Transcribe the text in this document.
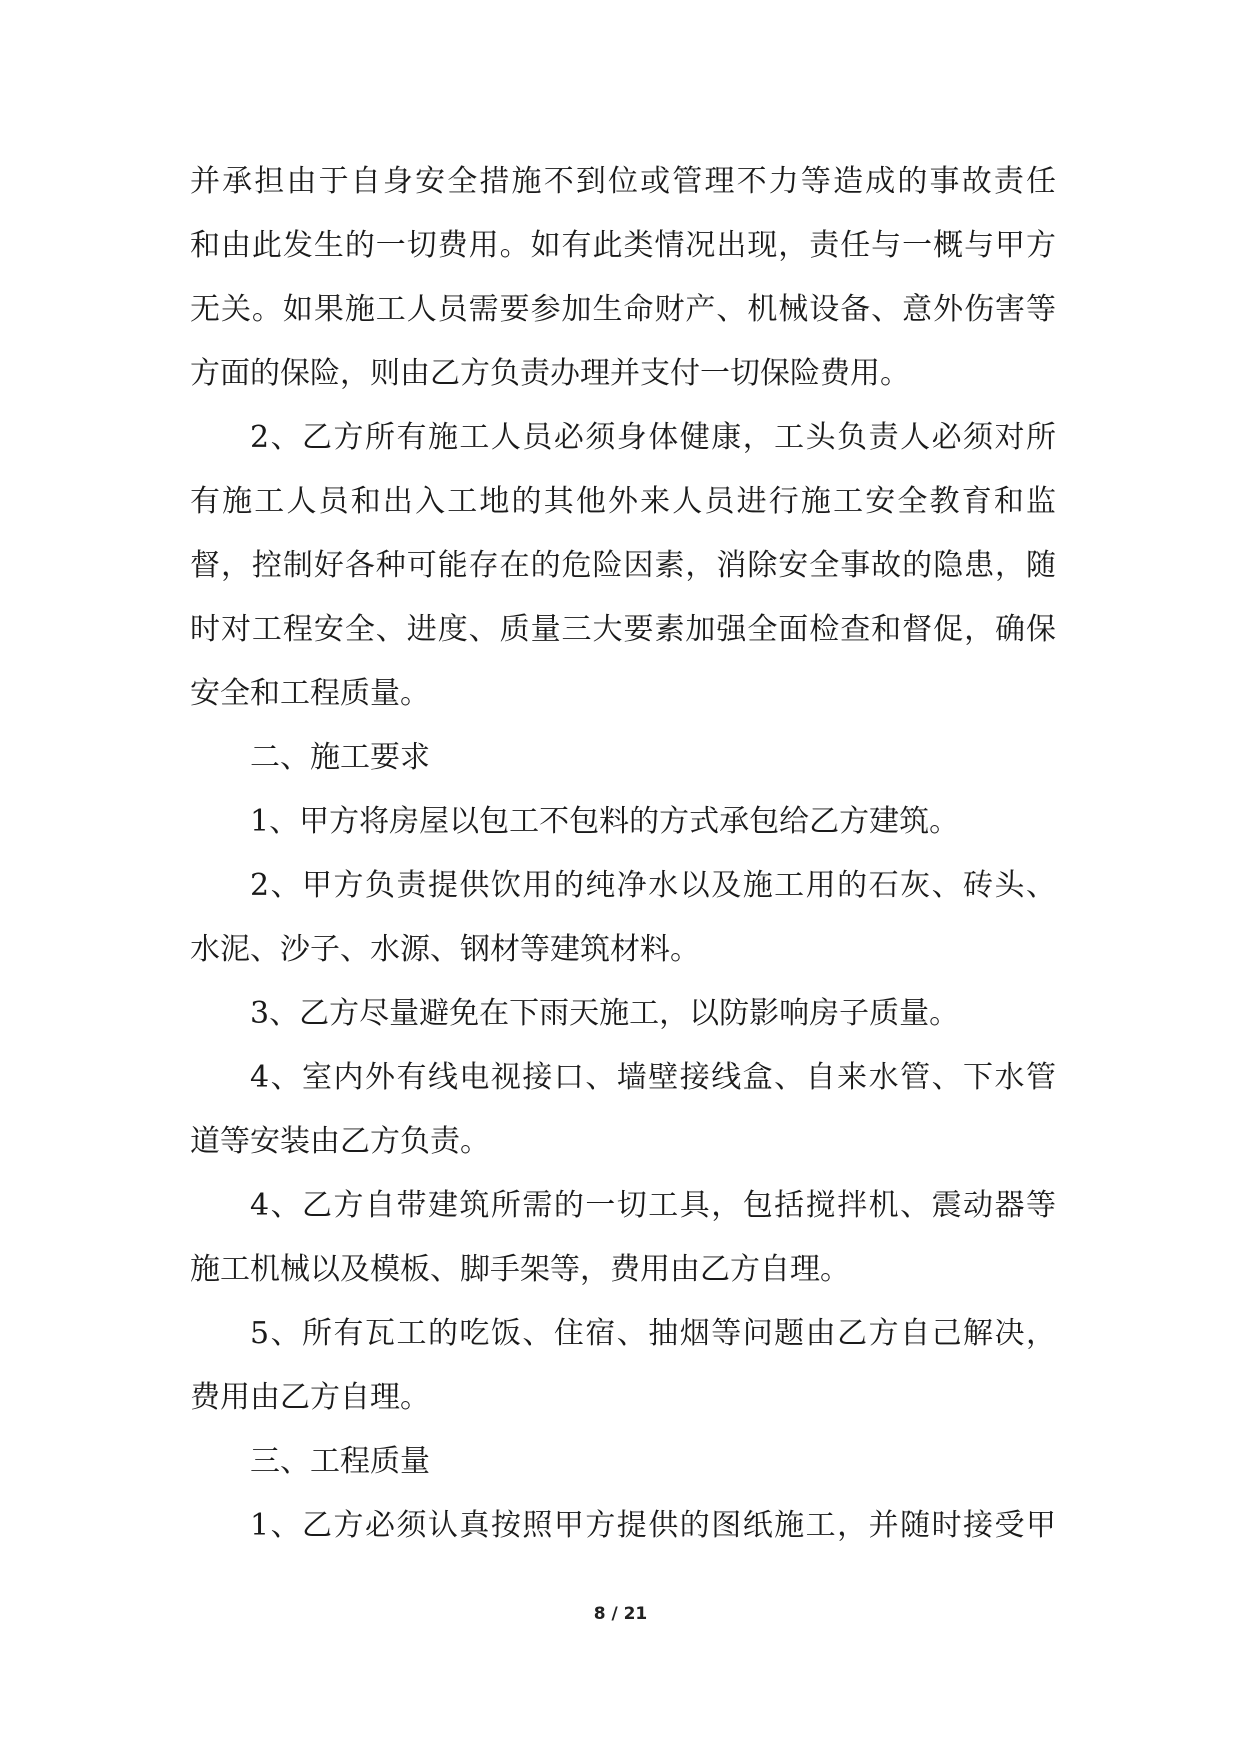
并承担由于自身安全措施不到位或管理不力等造成的事故责任
和由此发生的一切费用。如有此类情况出现，责任与一概与甲方
无关。如果施工人员需要参加生命财产、机械设备、意外伤害等
方面的保险，则由乙方负责办理并支付一切保险费用。
2、乙方所有施工人员必须身体健康，工头负责人必须对所
有施工人员和出入工地的其他外来人员进行施工安全教育和监
督，控制好各种可能存在的危险因素，消除安全事故的隐患，随
时对工程安全、进度、质量三大要素加强全面检查和督促，确保
安全和工程质量。
二、施工要求
1、甲方将房屋以包工不包料的方式承包给乙方建筑。
2、甲方负责提供饮用的纯净水以及施工用的石灰、砖头、
水泥、沙子、水源、钢材等建筑材料。
3、乙方尽量避免在下雨天施工，以防影响房子质量。
4、室内外有线电视接口、墙壁接线盒、自来水管、下水管
道等安装由乙方负责。
4、乙方自带建筑所需的一切工具，包括搅拌机、震动器等
施工机械以及模板、脚手架等，费用由乙方自理。
5、所有瓦工的吃饭、住宿、抽烟等问题由乙方自己解决，
费用由乙方自理。
三、工程质量
1、乙方必须认真按照甲方提供的图纸施工，并随时接受甲
8 / 21
